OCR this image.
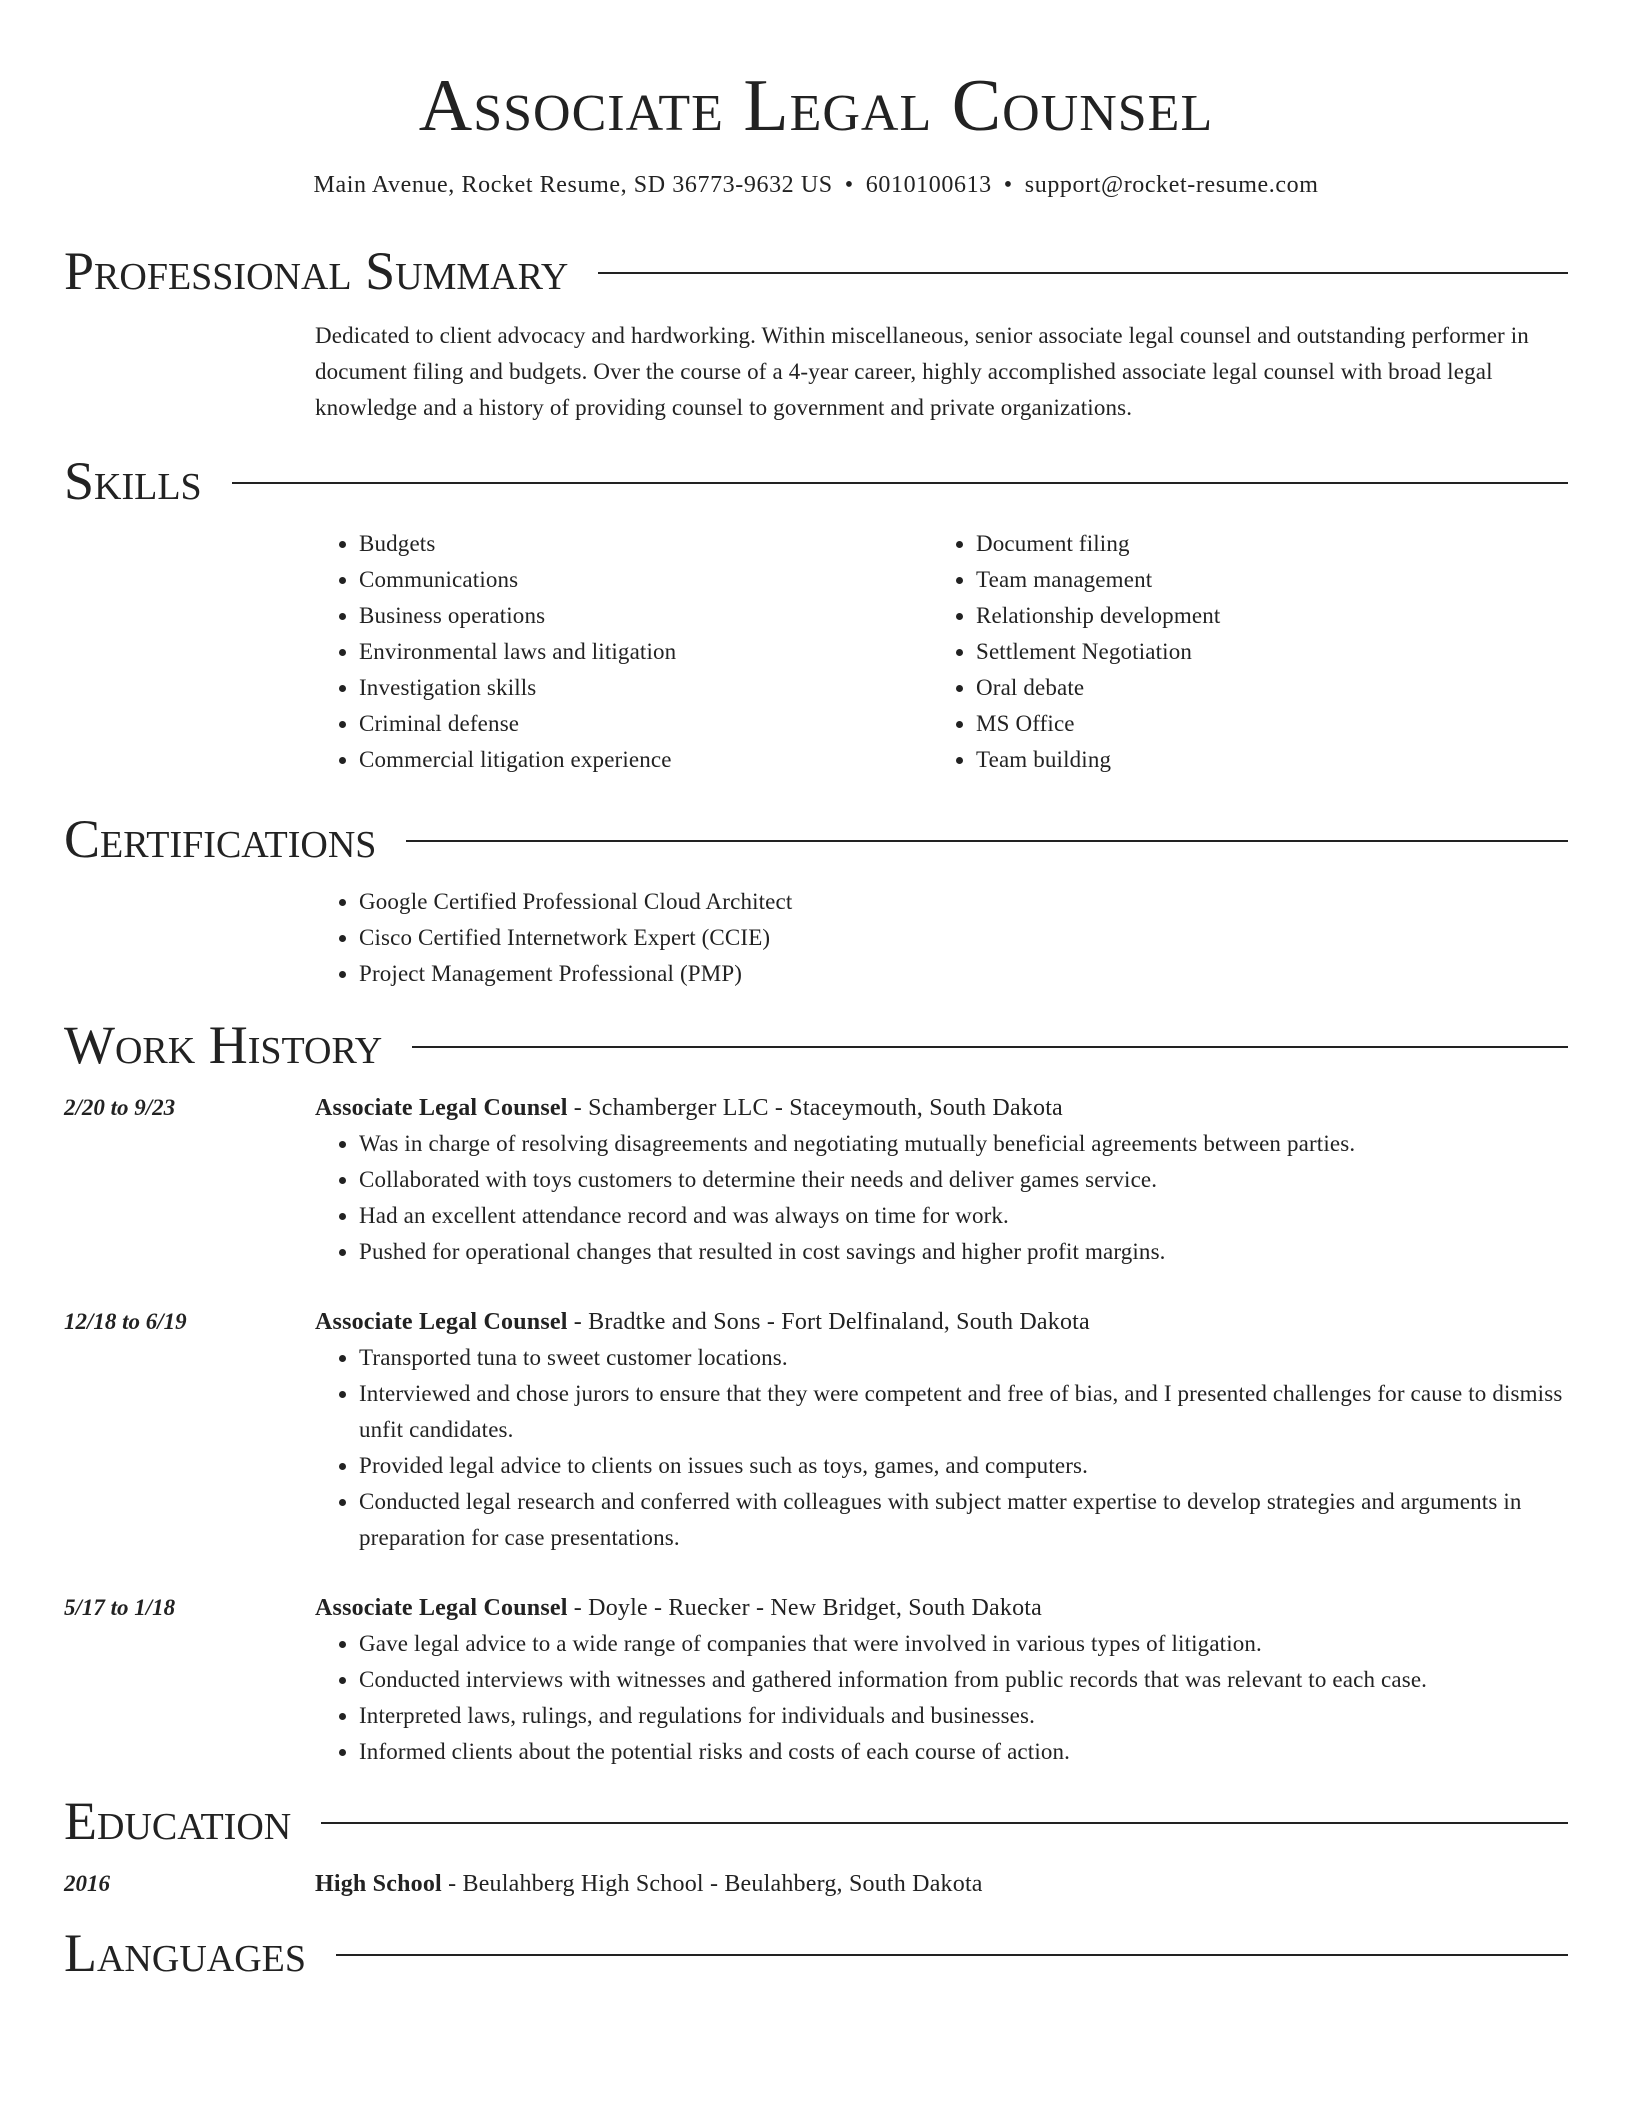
Associate Legal Counsel
Main Avenue, Rocket Resume, SD 36773-9632 US • 6010100613 • support@rocket-resume.com
Professional Summary
Dedicated to client advocacy and hardworking. Within miscellaneous, senior associate legal counsel and outstanding performer in document filing and budgets. Over the course of a 4-year career, highly accomplished associate legal counsel with broad legal knowledge and a history of providing counsel to government and private organizations.
Skills
• Budgets
• Communications
• Business operations
• Environmental laws and litigation
• Investigation skills
• Criminal defense
• Commercial litigation experience
• Document filing
• Team management
• Relationship development
• Settlement Negotiation
• Oral debate
• MS Office
• Team building
Certifications
• Google Certified Professional Cloud Architect
• Cisco Certified Internetwork Expert (CCIE)
• Project Management Professional (PMP)
Work History
2/20 to 9/23	Associate Legal Counsel - Schamberger LLC - Staceymouth, South Dakota
• Was in charge of resolving disagreements and negotiating mutually beneficial agreements between parties.
• Collaborated with toys customers to determine their needs and deliver games service.
• Had an excellent attendance record and was always on time for work.
• Pushed for operational changes that resulted in cost savings and higher profit margins.
12/18 to 6/19	Associate Legal Counsel - Bradtke and Sons - Fort Delfinaland, South Dakota
• Transported tuna to sweet customer locations.
• Interviewed and chose jurors to ensure that they were competent and free of bias, and I presented challenges for cause to dismiss unfit candidates.
• Provided legal advice to clients on issues such as toys, games, and computers.
• Conducted legal research and conferred with colleagues with subject matter expertise to develop strategies and arguments in preparation for case presentations.
5/17 to 1/18	Associate Legal Counsel - Doyle - Ruecker - New Bridget, South Dakota
• Gave legal advice to a wide range of companies that were involved in various types of litigation.
• Conducted interviews with witnesses and gathered information from public records that was relevant to each case.
• Interpreted laws, rulings, and regulations for individuals and businesses.
• Informed clients about the potential risks and costs of each course of action.
Education
2016	High School - Beulahberg High School - Beulahberg, South Dakota
Languages
